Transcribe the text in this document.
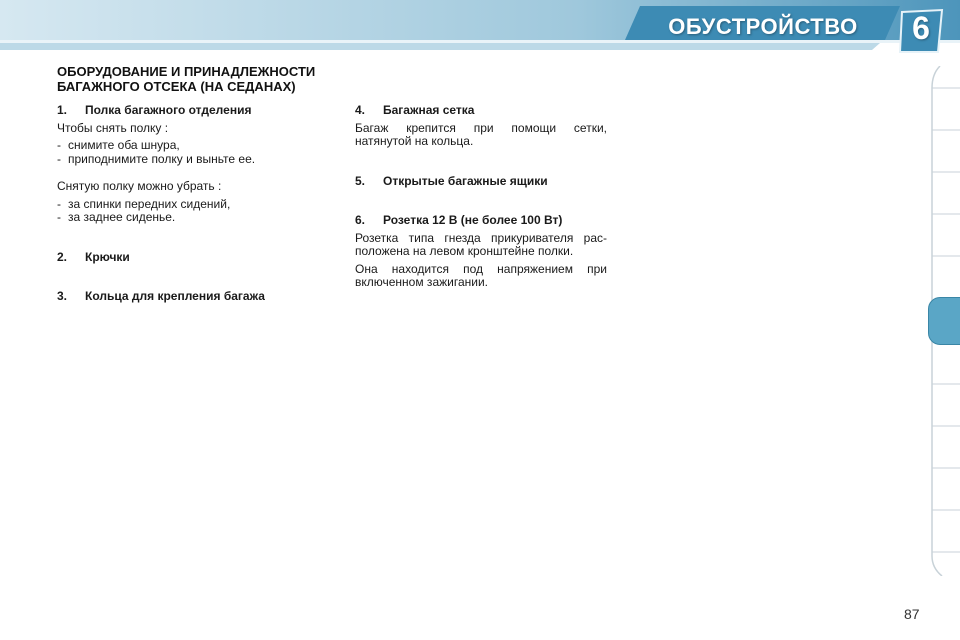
ОБУСТРОЙСТВО	6
ОБОРУДОВАНИЕ И ПРИНАДЛЕЖНОСТИ
БАГАЖНОГО ОТСЕКА (НА СЕДАНАХ)
1.	Полка багажного отделения

Чтобы снять полку :

- снимите оба шнура,
- приподнимите полку и выньте ее.

Снятую полку можно убрать :

- за спинки передних сидений,
- за заднее сиденье.
2.	Крючки
3.	Кольца для крепления багажа
4.	Багажная сетка

Багаж крепится при помощи сетки, натянутой на кольца.

5.	Открытые багажные ящики
6.	Розетка 12 В (не более 100 Вт)

Розетка типа гнезда прикуривателя рас-положена на левом кронштейне полки.

Она находится под напряжением при включенном зажигании.

87
